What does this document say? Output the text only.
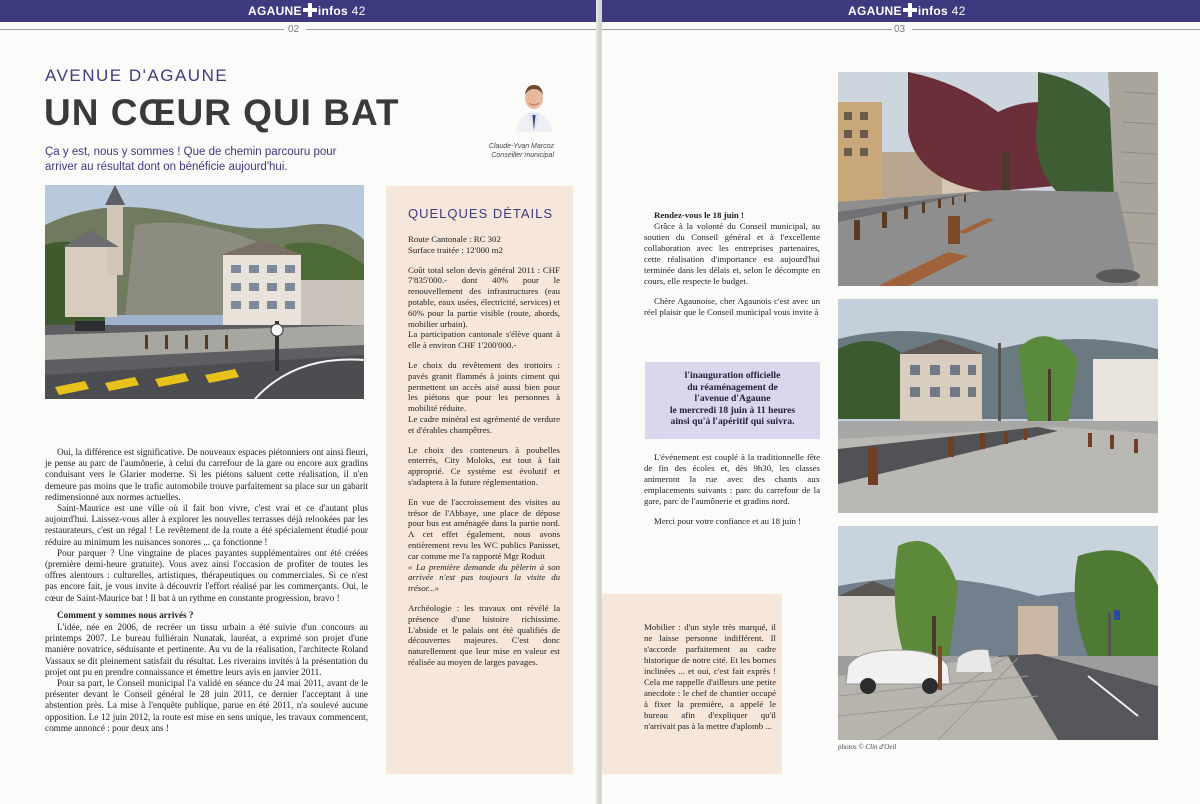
AGAUNE infos 42
02
AVENUE D'AGAUNE
UN CŒUR QUI BAT
Ça y est, nous y sommes ! Que de chemin parcouru pour arriver au résultat dont on bénéficie aujourd'hui.
Claude-Yvan Marcoz
Conseiller municipal

Oui, la différence est significative. De nouveaux espaces piétonniers ont ainsi fleuri, je pense au parc de l'aumônerie, à celui du carrefour de la gare ou encore aux gradins conduisant vers le Glarier moderne. Si les piétons saluent cette réalisation, il n'en demeure pas moins que le trafic automobile trouve parfaitement sa place sur un gabarit redimensionné aux normes actuelles.

Saint-Maurice est une ville où il fait bon vivre, c'est vrai et ce d'autant plus aujourd'hui. Laissez-vous aller à explorer les nouvelles terrasses déjà relookées par les restaurateurs, c'est un régal ! Le revêtement de la route a été spécialement étudié pour réduire au minimum les nuisances sonores ... ça fonctionne !

Pour parquer ? Une vingtaine de places payantes supplémentaires ont été créées (première demi-heure gratuite). Vous avez ainsi l'occasion de profiter de toutes les offres alentours : culturelles, artistiques, thérapeutiques ou commerciales. Si ce n'est pas encore fait, je vous invite à découvrir l'effort réalisé par les commerçants. Oui, le cœur de Saint-Maurice bat ! Il bat à un rythme en constante progression, bravo !

Comment y sommes nous arrivés ?

L'idée, née en 2006, de recréer un tissu urbain a été suivie d'un concours au printemps 2007. Le bureau fulliérain Nunatak, lauréat, a exprimé son projet d'une manière novatrice, séduisante et pertinente. Au vu de la réalisation, l'architecte Roland Vassaux se dit pleinement satisfait du résultat. Les riverains invités à la présentation du projet ont pu en prendre connaissance et émettre leurs avis en janvier 2011.

Pour sa part, le Conseil municipal l'a validé en séance du 24 mai 2011, avant de le présenter devant le Conseil général le 28 juin 2011, ce dernier l'acceptant à une abstention près. La mise à l'enquête publique, parue en été 2011, n'a soulevé aucune opposition. Le 12 juin 2012, la route est mise en sens unique, les travaux commencent, comme annoncé : pour deux ans !

QUELQUES DÉTAILS

Route Cantonale : RC 302

Surface traitée : 12'000 m2

Coût total selon devis général 2011 : CHF 7'835'000.- dont 40% pour le renouvellement des infrastructures (eau potable, eaux usées, électricité, services) et 60% pour la partie visible (route, abords, mobilier urbain).

La participation cantonale s'élève quant à elle à environ CHF 1'200'000.-

Le choix du revêtement des trottoirs : pavés granit flammés à joints ciment qui permettent un accès aisé aussi bien pour les piétons que pour les personnes à mobilité réduite.

Le cadre minéral est agrémenté de verdure et d'érables champêtres.

Le choix des conteneurs à poubelles enterrés, City Moloks, est tout à fait approprié. Ce système est évolutif et s'adaptera à la future réglementation.

En vue de l'accroissement des visites au trésor de l'Abbaye, une place de dépose pour bus est aménagée dans la partie nord. A cet effet également, nous avons entièrement revu les WC publics Panisset, car comme me l'a rapporté Mgr Roduit

« La première demande du pèlerin à son arrivée n'est pas toujours la visite du trésor...»

Archéologie : les travaux ont révélé la présence d'une histoire richissime. L'abside et le palais ont été qualifiés de découvertes majeures. C'est donc naturellement que leur mise en valeur est réalisée au moyen de larges pavages.

AGAUNE infos 42
03
Rendez-vous le 18 juin !

Grâce à la volonté du Conseil municipal, au soutien du Conseil général et à l'excellente collaboration avec les entreprises partenaires, cette réalisation d'importance est aujourd'hui terminée dans les délais et, selon le décompte en cours, elle respecte le budget.

Chère Agaunoise, cher Agaunois c'est avec un réel plaisir que le Conseil municipal vous invite à

l'inauguration officielle
du réaménagement de
l'avenue d'Agaune
le mercredi 18 juin à 11 heures
ainsi qu'à l'apéritif qui suivra.

L'événement est couplé à la traditionnelle fête de fin des écoles et, dès 9h30, les classes animeront la rue avec des chants aux emplacements suivants : parc du carrefour de la gare, parc de l'aumônerie et gradins nord.

Merci pour votre confiance et au 18 juin !

Mobilier : d'un style très marqué, il ne laisse personne indifférent. Il s'accorde parfaitement au cadre historique de notre cité. Et les bornes inclinées ... et oui, c'est fait exprès ! Cela me rappelle d'ailleurs une petite anecdote : le chef de chantier occupé à fixer la première, a appelé le bureau afin d'expliquer qu'il n'arrivait pas à la mettre d'aplomb ...
photos © Clin d'Oeil
